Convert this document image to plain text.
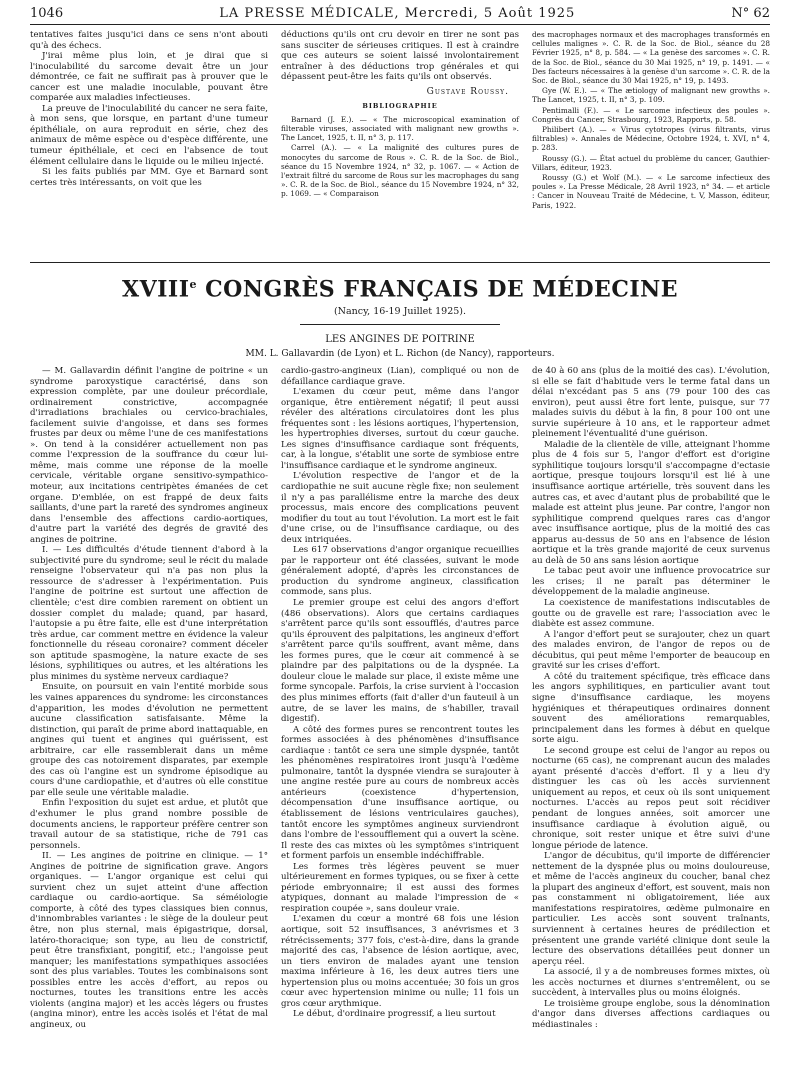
1046	LA PRESSE MÉDICALE, Mercredi, 5 Août 1925	N° 62

tentatives faites jusqu'ici dans ce sens n'ont abouti qu'à des échecs.

J'irai même plus loin, et je dirai que si l'inoculabilité du sarcome devait être un jour démontrée, ce fait ne suffirait pas à prouver que le cancer est une maladie inoculable, pouvant être comparée aux maladies infectieuses.

La preuve de l'inoculabilité du cancer ne sera faite, à mon sens, que lorsque, en partant d'une tumeur épithéliale, on aura reproduit en série, chez des animaux de même espèce ou d'espèce différente, une tumeur épithéliale, et ceci en l'absence de tout élément cellulaire dans le liquide ou le milieu injecté.

Si les faits publiés par MM. Gye et Barnard sont certes très intéressants, on voit que les

déductions qu'ils ont cru devoir en tirer ne sont pas sans susciter de sérieuses critiques. Il est à craindre que ces auteurs se soient laissé involontairement entraîner à des déductions trop générales et qui dépassent peut-être les faits qu'ils ont observés.

Gustave Roussy.
BIBLIOGRAPHIE

Barnard (J. E.). — « The microscopical examination of filterable viruses, associated with malignant new growths ». The Lancet, 1925, t. II, n° 3, p. 117.

Carrel (A.). — « La malignité des cultures pures de monocytes du sarcome de Rous ». C. R. de la Soc. de Biol., séance du 15 Novembre 1924, n° 32, p. 1067. — « Action de l'extrait filtré du sarcome de Rous sur les macrophages du sang ». C. R. de la Soc. de Biol., séance du 15 Novembre 1924, n° 32, p. 1069. — « Comparaison

des macrophages normaux et des macrophages transformés en cellules malignes ». C. R. de la Soc. de Biol., séance du 28 Février 1925, n° 8, p. 584. — « La genèse des sarcomes ». C. R. de la Soc. de Biol., séance du 30 Mai 1925, n° 19, p. 1491. — « Des facteurs nécessaires à la genèse d'un sarcome ». C. R. de la Soc. de Biol., séance du 30 Mai 1925, n° 19, p. 1493.

Gye (W. E.). — « The ætiology of malignant new growths ». The Lancet, 1925, t. II, n° 3, p. 109.

Pentimalli (F.). — « Le sarcome infectieux des poules ». Congrès du Cancer, Strasbourg, 1923, Rapports, p. 58.

Philibert (A.). — « Virus cytotropes (virus filtrants, virus filtrables) ». Annales de Médecine, Octobre 1924, t. XVI, n° 4, p. 283.

Roussy (G.). — État actuel du problème du cancer, Gauthier-Villars, éditeur, 1923.

Roussy (G.) et Wolf (M.). — « Le sarcome infectieux des poules ». La Presse Médicale, 28 Avril 1923, n° 34. — et article : Cancer in Nouveau Traité de Médecine, t. V, Masson, éditeur, Paris, 1922.

XVIIIe CONGRÈS FRANÇAIS DE MÉDECINE
(Nancy, 16-19 Juillet 1925).
LES ANGINES DE POITRINE
MM. L. Gallavardin (de Lyon) et L. Richon (de Nancy), rapporteurs.

— M. Gallavardin définit l'angine de poitrine « un syndrome paroxystique caractérisé, dans son expression complète, par une douleur précordiale, ordinairement constrictive, accompagnée d'irradiations brachiales ou cervico-brachiales, facilement suivie d'angoisse, et dans ses formes frustes par deux ou même l'une de ces manifestations ». On tend à la considérer actuellement non pas comme l'expression de la souffrance du cœur lui-même, mais comme une réponse de la moelle cervicale, véritable organe sensitivo-sympathico-moteur, aux incitations centripètes émanées de cet organe. D'emblée, on est frappé de deux faits saillants, d'une part la rareté des syndromes angineux dans l'ensemble des affections cardio-aortiques, d'autre part la variété des degrés de gravité des angines de poitrine.

I. — Les difficultés d'étude tiennent d'abord à la subjectivité pure du syndrome; seul le récit du malade renseigne l'observateur qui n'a pas non plus la ressource de s'adresser à l'expérimentation. Puis l'angine de poitrine est surtout une affection de clientèle; c'est dire combien rarement on obtient un dossier complet du malade; quand, par hasard, l'autopsie a pu être faite, elle est d'une interprétation très ardue, car comment mettre en évidence la valeur fonctionnelle du réseau coronaire? comment déceler son aptitude spasmogène, la nature exacte de ses lésions, syphilitiques ou autres, et les altérations les plus minimes du système nerveux cardiaque?

Ensuite, on poursuit en vain l'entité morbide sous les vaines apparences du syndrome: les circonstances d'apparition, les modes d'évolution ne permettent aucune classification satisfaisante. Même la distinction, qui paraît de prime abord inattaquable, en angines qui tuent et angines qui guérissent, est arbitraire, car elle rassemblerait dans un même groupe des cas notoirement disparates, par exemple des cas où l'angine est un syndrome épisodique au cours d'une cardiopathie, et d'autres où elle constitue par elle seule une véritable maladie.

Enfin l'exposition du sujet est ardue, et plutôt que d'exhumer le plus grand nombre possible de documents anciens, le rapporteur préfère centrer son travail autour de sa statistique, riche de 791 cas personnels.

II. — Les angines de poitrine en clinique. — 1° Angines de poitrine de signification grave. Angors organiques. — L'angor organique est celui qui survient chez un sujet atteint d'une affection cardiaque ou cardio-aortique. Sa séméiologie comporte, à côté des types classiques bien connus, d'innombrables variantes : le siège de la douleur peut être, non plus sternal, mais épigastrique, dorsal, latéro-thoracique; son type, au lieu de constrictif, peut être transfixiant, pongitif, etc.; l'angoisse peut manquer; les manifestations sympathiques associées sont des plus variables. Toutes les combinaisons sont possibles entre les accès d'effort, au repos ou nocturnes, toutes les transitions entre les accès violents (angina major) et les accès légers ou frustes (angina minor), entre les accès isolés et l'état de mal angineux, ou

cardio-gastro-angineux (Lian), compliqué ou non de défaillance cardiaque grave.

L'examen du cœur peut, même dans l'angor organique, être entièrement négatif; il peut aussi révéler des altérations circulatoires dont les plus fréquentes sont : les lésions aortiques, l'hypertension, les hypertrophies diverses, surtout du cœur gauche. Les signes d'insuffisance cardiaque sont fréquents, car, à la longue, s'établit une sorte de symbiose entre l'insuffisance cardiaque et le syndrome angineux.

L'évolution respective de l'angor et de la cardiopathie ne suit aucune règle fixe; non seulement il n'y a pas parallélisme entre la marche des deux processus, mais encore des complications peuvent modifier du tout au tout l'évolution. La mort est le fait d'une crise, ou de l'insuffisance cardiaque, ou des deux intriquées.

Les 617 observations d'angor organique recueillies par le rapporteur ont été classées, suivant le mode généralement adopté, d'après les circonstances de production du syndrome angineux, classification commode, sans plus.

Le premier groupe est celui des angors d'effort (486 observations). Alors que certains cardiaques s'arrêtent parce qu'ils sont essoufflés, d'autres parce qu'ils éprouvent des palpitations, les angineux d'effort s'arrêtent parce qu'ils souffrent, avant même, dans les formes pures, que le cœur ait commencé à se plaindre par des palpitations ou de la dyspnée. La douleur cloue le malade sur place, il existe même une forme syncopale. Parfois, la crise survient à l'occasion des plus minimes efforts (fait d'aller d'un fauteuil à un autre, de se laver les mains, de s'habiller, travail digestif).

A côté des formes pures se rencontrent toutes les formes associées à des phénomènes d'insuffisance cardiaque : tantôt ce sera une simple dyspnée, tantôt les phénomènes respiratoires iront jusqu'à l'œdème pulmonaire, tantôt la dyspnée viendra se surajouter à une angine restée pure au cours de nombreux accès antérieurs (coexistence d'hypertension, décompensation d'une insuffisance aortique, ou établissement de lésions ventriculaires gauches), tantôt encore les symptômes angineux surviendront dans l'ombre de l'essoufflement qui a ouvert la scène. Il reste des cas mixtes où les symptômes s'intriquent et forment parfois un ensemble indéchiffrable.

Les formes très légères peuvent se muer ultérieurement en formes typiques, ou se fixer à cette période embryonnaire; il est aussi des formes atypiques, donnant au malade l'impression de « respiration coupée », sans douleur vraie.

L'examen du cœur a montré 68 fois une lésion aortique, soit 52 insuffisances, 3 anévrismes et 3 rétrécissements; 377 fois, c'est-à-dire, dans la grande majorité des cas, l'absence de lésion aortique, avec, un tiers environ de malades ayant une tension maxima inférieure à 16, les deux autres tiers une hypertension plus ou moins accentuée; 30 fois un gros cœur avec hypertension minime ou nulle; 11 fois un gros cœur arythmique.

Le début, d'ordinaire progressif, a lieu surtout

de 40 à 60 ans (plus de la moitié des cas). L'évolution, si elle se fait d'habitude vers le terme fatal dans un délai n'excédant pas 5 ans (79 pour 100 des cas environ), peut aussi être fort lente, puisque, sur 77 malades suivis du début à la fin, 8 pour 100 ont une survie supérieure à 10 ans, et le rapporteur admet pleinement l'éventualité d'une guérison.

Maladie de la clientèle de ville, atteignant l'homme plus de 4 fois sur 5, l'angor d'effort est d'origine syphilitique toujours lorsqu'il s'accompagne d'ectasie aortique, presque toujours lorsqu'il est lié à une insuffisance aortique artérielle, très souvent dans les autres cas, et avec d'autant plus de probabilité que le malade est atteint plus jeune. Par contre, l'angor non syphilitique comprend quelques rares cas d'angor avec insuffisance aortique, plus de la moitié des cas apparus au-dessus de 50 ans en l'absence de lésion aortique et la très grande majorité de ceux survenus au delà de 50 ans sans lésion aortique

Le tabac peut avoir une influence provocatrice sur les crises; il ne paraît pas déterminer le développement de la maladie angineuse.

La coexistence de manifestations indiscutables de goutte ou de gravelle est rare; l'association avec le diabète est assez commune.

A l'angor d'effort peut se surajouter, chez un quart des malades environ, de l'angor de repos ou de décubitus, qui peut même l'emporter de beaucoup en gravité sur les crises d'effort.

A côté du traitement spécifique, très efficace dans les angors syphilitiques, en particulier avant tout signe d'insuffisance cardiaque, les moyens hygiéniques et thérapeutiques ordinaires donnent souvent des améliorations remarquables, principalement dans les formes à début en quelque sorte aigu.

Le second groupe est celui de l'angor au repos ou nocturne (65 cas), ne comprenant aucun des malades ayant présenté d'accès d'effort. Il y a lieu d'y distinguer les cas où les accès surviennent uniquement au repos, et ceux où ils sont uniquement nocturnes. L'accès au repos peut soit récidiver pendant de longues années, soit amorcer une insuffisance cardiaque à évolution aiguë, ou chronique, soit rester unique et être suivi d'une longue période de latence.

L'angor de décubitus, qu'il importe de différencier nettement de la dyspnée plus ou moins douloureuse, et même de l'accès angineux du coucher, banal chez la plupart des angineux d'effort, est souvent, mais non pas constamment ni obligatoirement, liée aux manifestations respiratoires, œdème pulmonaire en particulier. Les accès sont souvent traînants, surviennent à certaines heures de prédilection et présentent une grande variété clinique dont seule la lecture des observations détaillées peut donner un aperçu réel.

La associé, il y a de nombreuses formes mixtes, où les accès nocturnes et diurnes s'entremêlent, ou se succèdent, à intervalles plus ou moins éloignés.

Le troisième groupe englobe, sous la dénomination d'angor dans diverses affections cardiaques ou médiastinales :
